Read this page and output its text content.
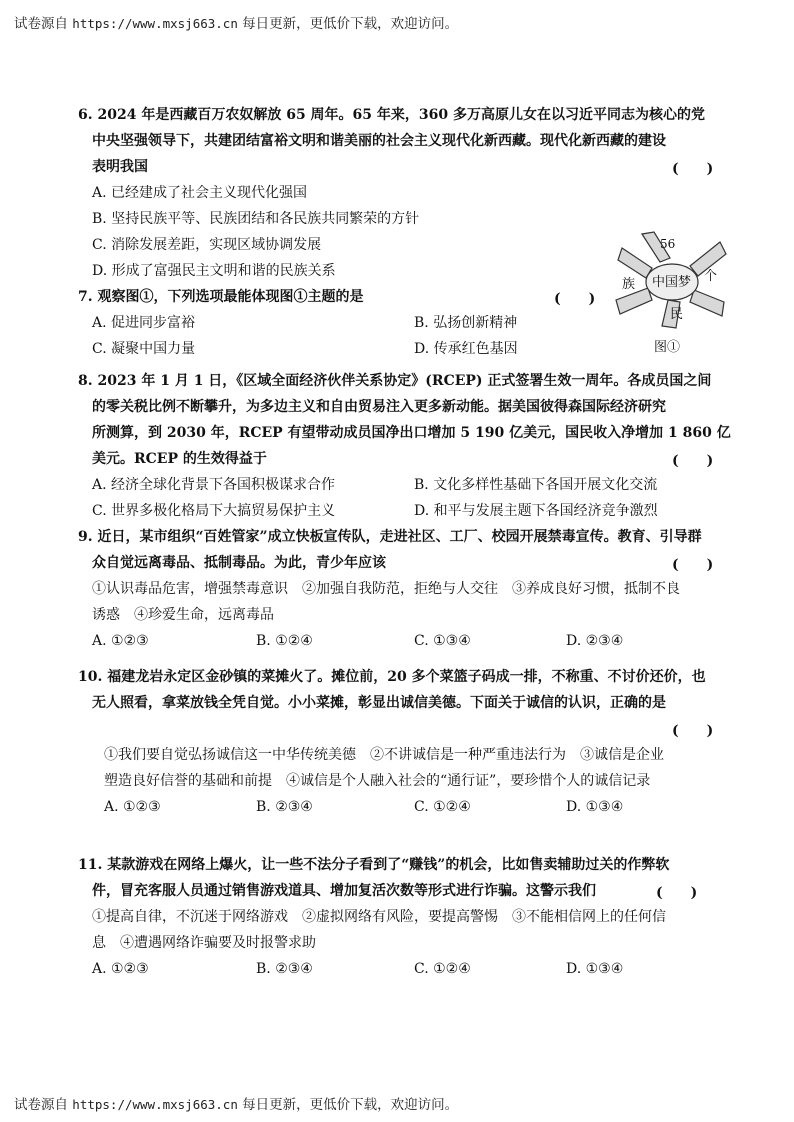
试卷源自 https://www.mxsj663.cn 每日更新，更低价下载，欢迎访问。
6. 2024 年是西藏百万农奴解放 65 周年。65 年来，360 多万高原儿女在以习近平同志为核心的党
中央坚强领导下，共建团结富裕文明和谐美丽的社会主义现代化新西藏。现代化新西藏的建设
表明我国	(　　)
A. 已经建成了社会主义现代化强国
B. 坚持民族平等、民族团结和各民族共同繁荣的方针
C. 消除发展差距，实现区域协调发展
D. 形成了富强民主文明和谐的民族关系
7. 观察图①，下列选项最能体现图①主题的是	(　　)
A. 促进同步富裕	B. 弘扬创新精神
C. 凝聚中国力量	D. 传承红色基因
56
族 中国梦 个
民
图①
8. 2023 年 1 月 1 日，《区域全面经济伙伴关系协定》(RCEP) 正式签署生效一周年。各成员国之间
的零关税比例不断攀升，为多边主义和自由贸易注入更多新动能。据美国彼得森国际经济研究
所测算，到 2030 年，RCEP 有望带动成员国净出口增加 5 190 亿美元，国民收入净增加 1 860 亿
美元。RCEP 的生效得益于	(　　)
A. 经济全球化背景下各国积极谋求合作	B. 文化多样性基础下各国开展文化交流
C. 世界多极化格局下大搞贸易保护主义	D. 和平与发展主题下各国经济竞争激烈
9. 近日，某市组织“百姓管家”成立快板宣传队，走进社区、工厂、校园开展禁毒宣传。教育、引导群
众自觉远离毒品、抵制毒品。为此，青少年应该	(　　)
①认识毒品危害，增强禁毒意识　②加强自我防范，拒绝与人交往　③养成良好习惯，抵制不良
诱惑　④珍爱生命，远离毒品
A. ①②③	B. ①②④	C. ①③④	D. ②③④
10. 福建龙岩永定区金砂镇的菜摊火了。摊位前，20 多个菜篮子码成一排，不称重、不讨价还价，也
无人照看，拿菜放钱全凭自觉。小小菜摊，彰显出诚信美德。下面关于诚信的认识，正确的是
(　　)
①我们要自觉弘扬诚信这一中华传统美德　②不讲诚信是一种严重违法行为　③诚信是企业
塑造良好信誉的基础和前提　④诚信是个人融入社会的“通行证”，要珍惜个人的诚信记录
A. ①②③	B. ②③④	C. ①②④	D. ①③④
11. 某款游戏在网络上爆火，让一些不法分子看到了“赚钱”的机会，比如售卖辅助过关的作弊软
件，冒充客服人员通过销售游戏道具、增加复活次数等形式进行诈骗。这警示我们	(　　)
①提高自律，不沉迷于网络游戏　②虚拟网络有风险，要提高警惕　③不能相信网上的任何信
息　④遭遇网络诈骗要及时报警求助
A. ①②③	B. ②③④	C. ①②④	D. ①③④
试卷源自 https://www.mxsj663.cn 每日更新，更低价下载，欢迎访问。
